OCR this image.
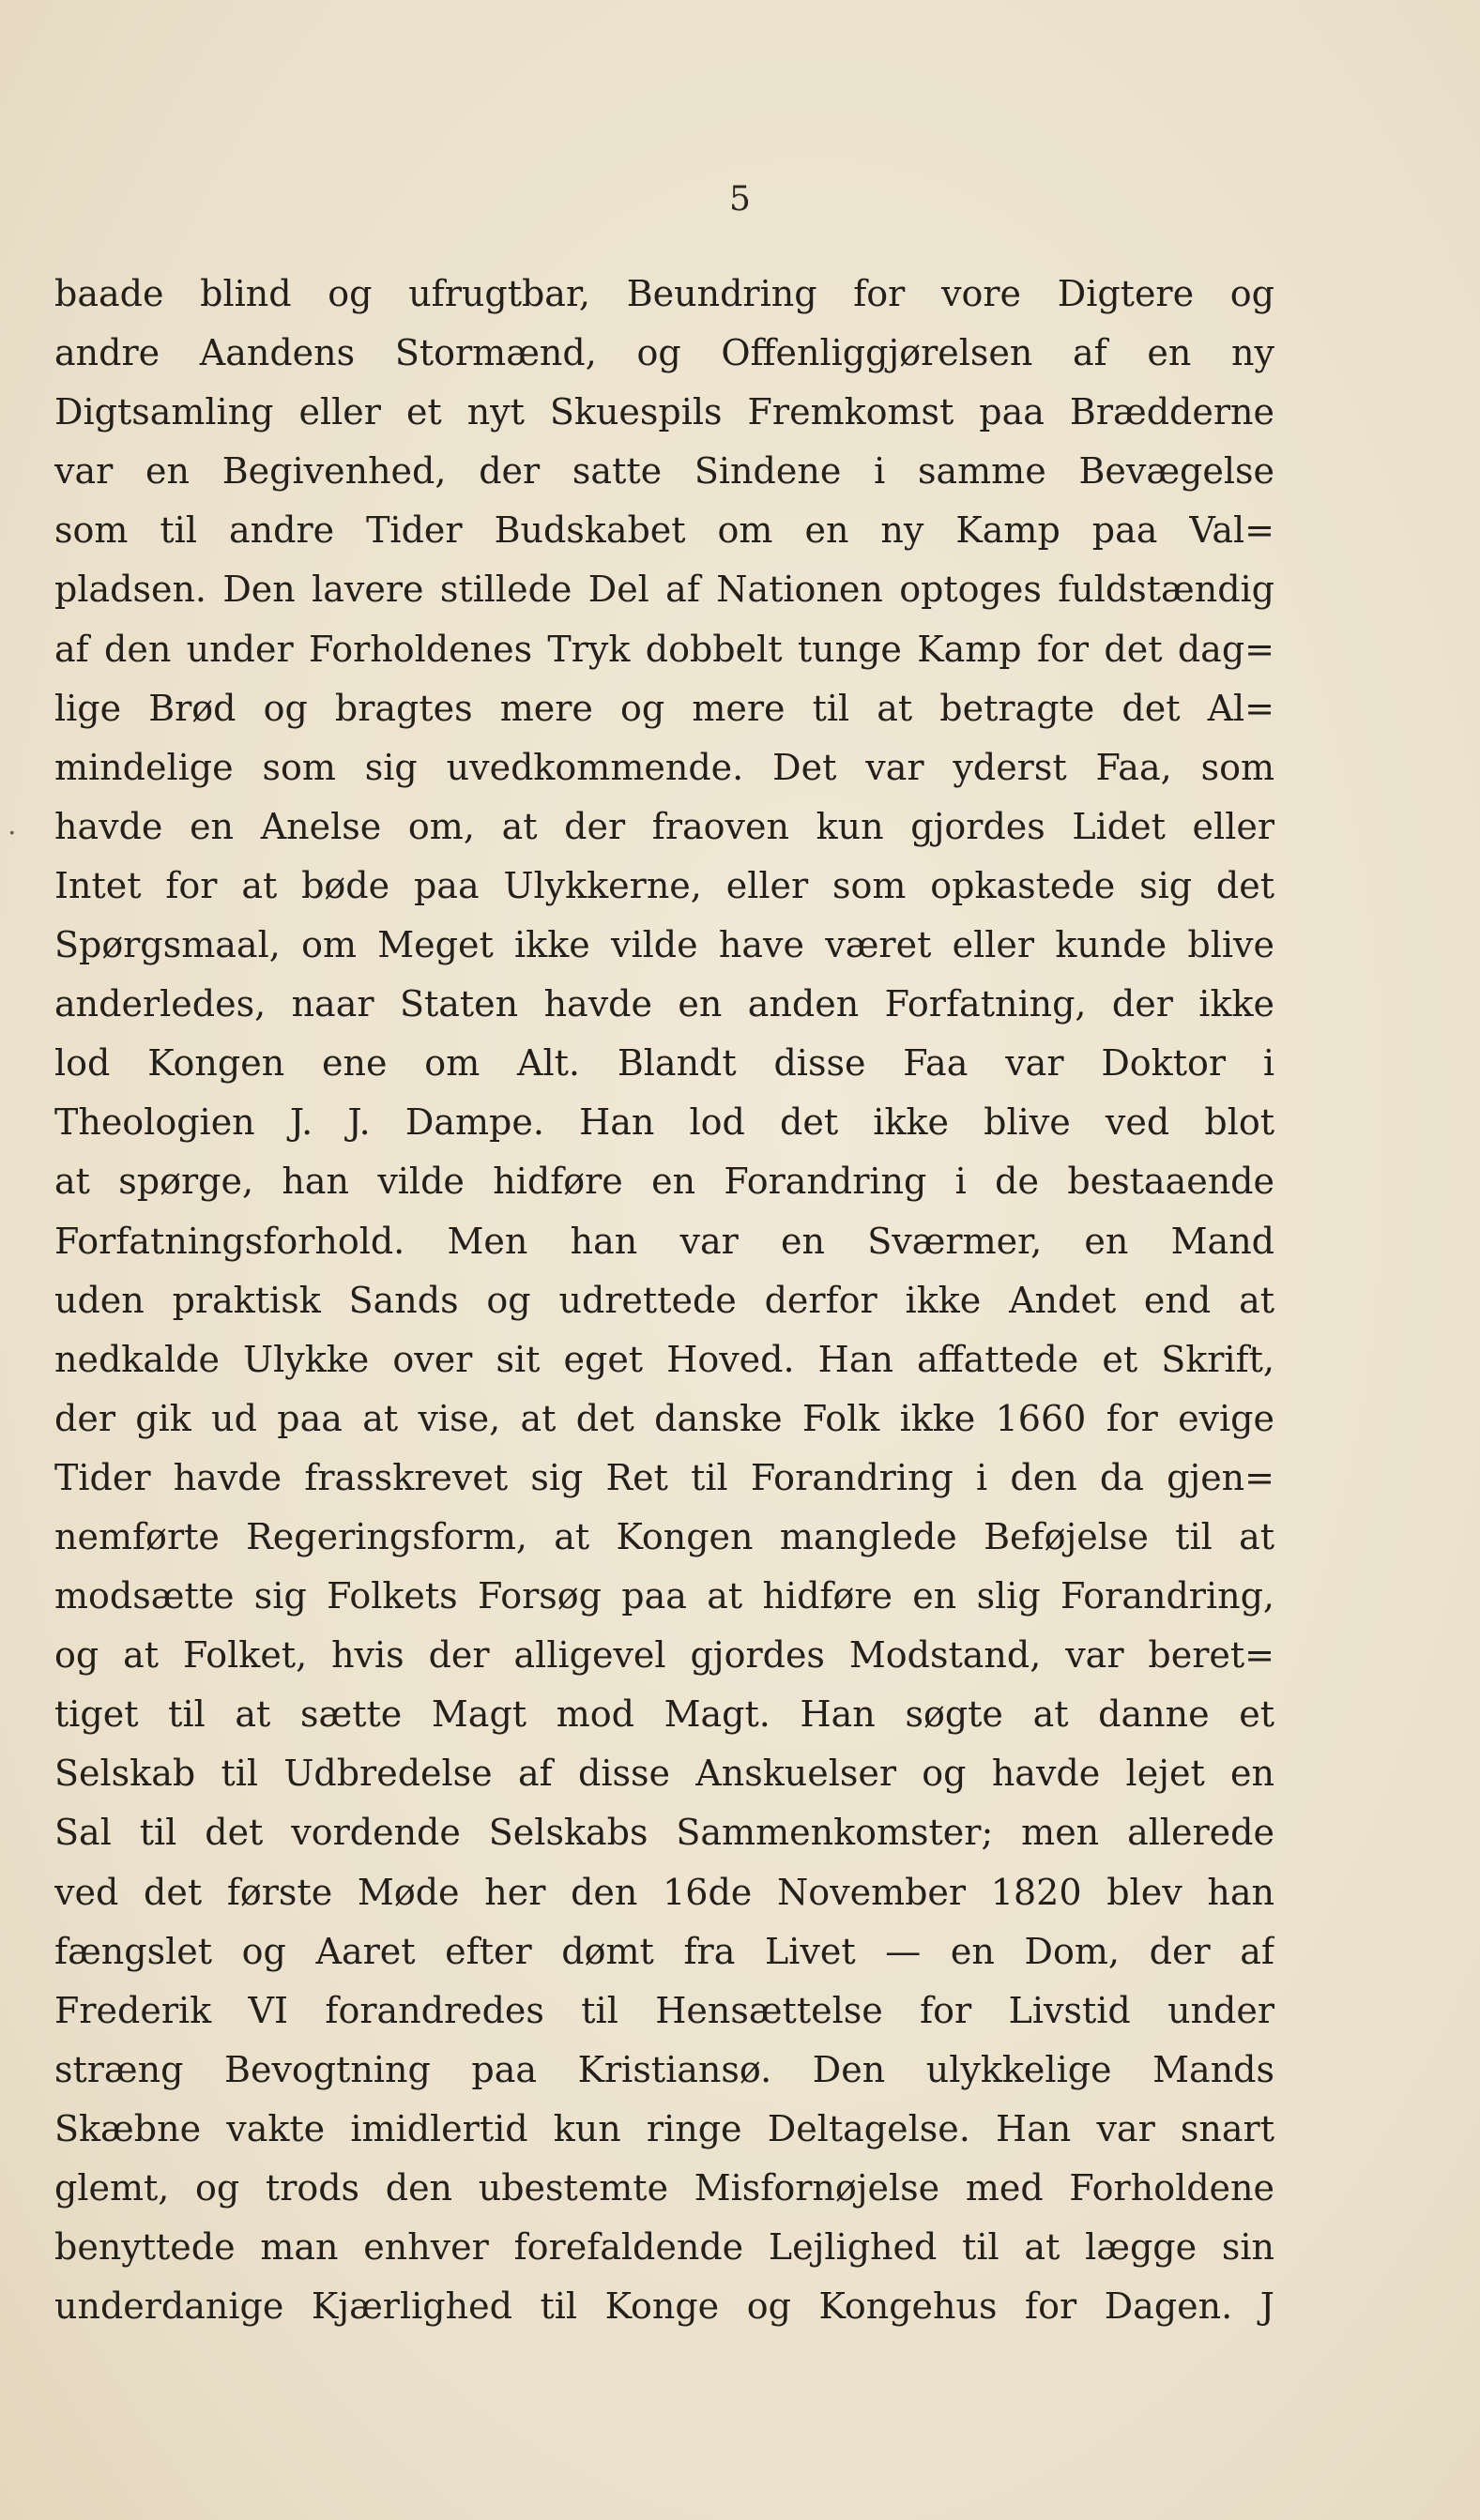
5
.
baade blind og ufrugtbar, Beundring for vore Digtere og
andre Aandens Stormænd, og Offenliggjørelsen af en ny
Digtsamling eller et nyt Skuespils Fremkomst paa Brædderne
var en Begivenhed, der satte Sindene i samme Bevægelse
som til andre Tider Budskabet om en ny Kamp paa Val=
pladsen. Den lavere stillede Del af Nationen optoges fuldstændig
af den under Forholdenes Tryk dobbelt tunge Kamp for det dag=
lige Brød og bragtes mere og mere til at betragte det Al=
mindelige som sig uvedkommende. Det var yderst Faa, som
havde en Anelse om, at der fraoven kun gjordes Lidet eller
Intet for at bøde paa Ulykkerne, eller som opkastede sig det
Spørgsmaal, om Meget ikke vilde have været eller kunde blive
anderledes, naar Staten havde en anden Forfatning, der ikke
lod Kongen ene om Alt. Blandt disse Faa var Doktor i
Theologien J. J. Dampe. Han lod det ikke blive ved blot
at spørge, han vilde hidføre en Forandring i de bestaaende
Forfatningsforhold. Men han var en Sværmer, en Mand
uden praktisk Sands og udrettede derfor ikke Andet end at
nedkalde Ulykke over sit eget Hoved. Han affattede et Skrift,
der gik ud paa at vise, at det danske Folk ikke 1660 for evige
Tider havde frasskrevet sig Ret til Forandring i den da gjen=
nemførte Regeringsform, at Kongen manglede Beføjelse til at
modsætte sig Folkets Forsøg paa at hidføre en slig Forandring,
og at Folket, hvis der alligevel gjordes Modstand, var beret=
tiget til at sætte Magt mod Magt. Han søgte at danne et
Selskab til Udbredelse af disse Anskuelser og havde lejet en
Sal til det vordende Selskabs Sammenkomster; men allerede
ved det første Møde her den 16de November 1820 blev han
fængslet og Aaret efter dømt fra Livet — en Dom, der af
Frederik VI forandredes til Hensættelse for Livstid under
stræng Bevogtning paa Kristiansø. Den ulykkelige Mands
Skæbne vakte imidlertid kun ringe Deltagelse. Han var snart
glemt, og trods den ubestemte Misfornøjelse med Forholdene
benyttede man enhver forefaldende Lejlighed til at lægge sin
underdanige Kjærlighed til Konge og Kongehus for Dagen. J
